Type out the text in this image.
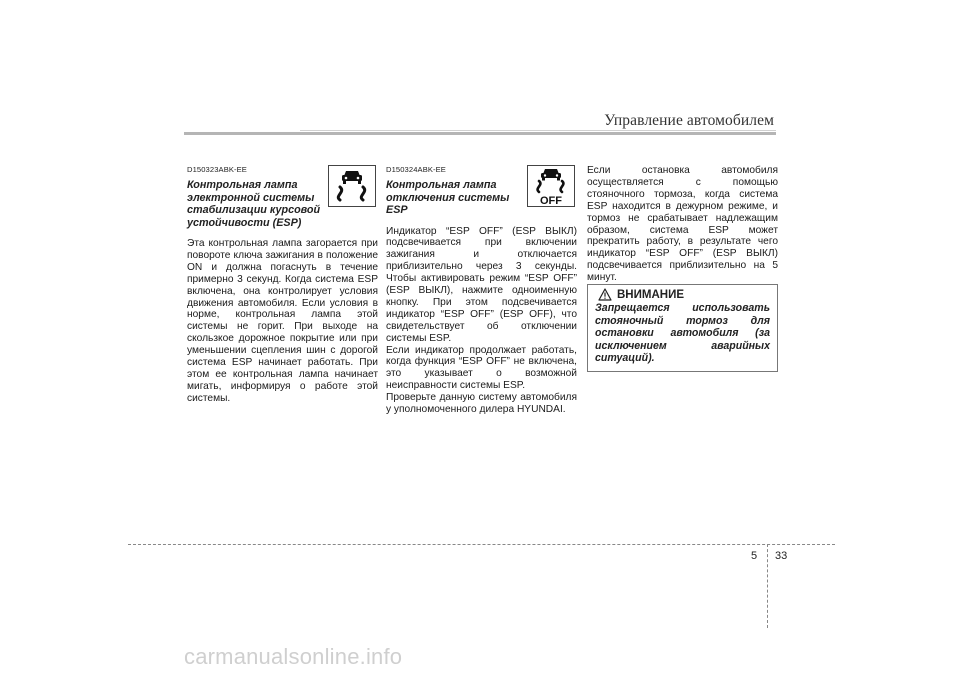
Управление автомобилем
D150323ABK-EE
Контрольная лампа
электронной системы
стабилизации курсовой
устойчивости (ESP)

Эта контрольная лампа загорается при повороте ключа зажигания в положение ON и должна погаснуть в течение примерно 3 секунд. Когда система ESP включена, она контролирует условия движения автомобиля. Если условия в норме, контрольная лампа этой системы не горит. При выходе на скользкое дорожное покрытие или при уменьшении сцепления шин с дорогой система ESP начинает работать. При этом ее контрольная лампа начинает мигать, информируя о работе этой системы.

D150324ABK-EE
Контрольная лампа
отключения системы
ESP

Индикатор “ESP OFF” (ESP ВЫКЛ) подсвечивается при включении зажигания и отключается приблизительно через 3 секунды. Чтобы активировать режим “ESP OFF” (ESP ВЫКЛ), нажмите одноименную кнопку. При этом подсвечивается индикатор “ESP OFF” (ESP OFF), что свидетельствует об отключении системы ESP.

Если индикатор продолжает работать, когда функция “ESP OFF” не включена, это указывает о возможной неисправности системы ESP.

Проверьте данную систему автомобиля у уполномоченного дилера HYUNDAI.

OFF
Если остановка автомобиля осуществляется с помощью стояночного тормоза, когда система ESP находится в дежурном режиме, и тормоз не срабатывает надлежащим образом, система ESP может прекратить работу, в результате чего индикатор “ESP OFF” (ESP ВЫКЛ) подсвечивается приблизительно на 5 минут.
ВНИМАНИЕ
Запрещается использовать стояночный тормоз для остановки автомобиля (за исключением аварийных ситуаций).
5 33
carmanualsonline.info
